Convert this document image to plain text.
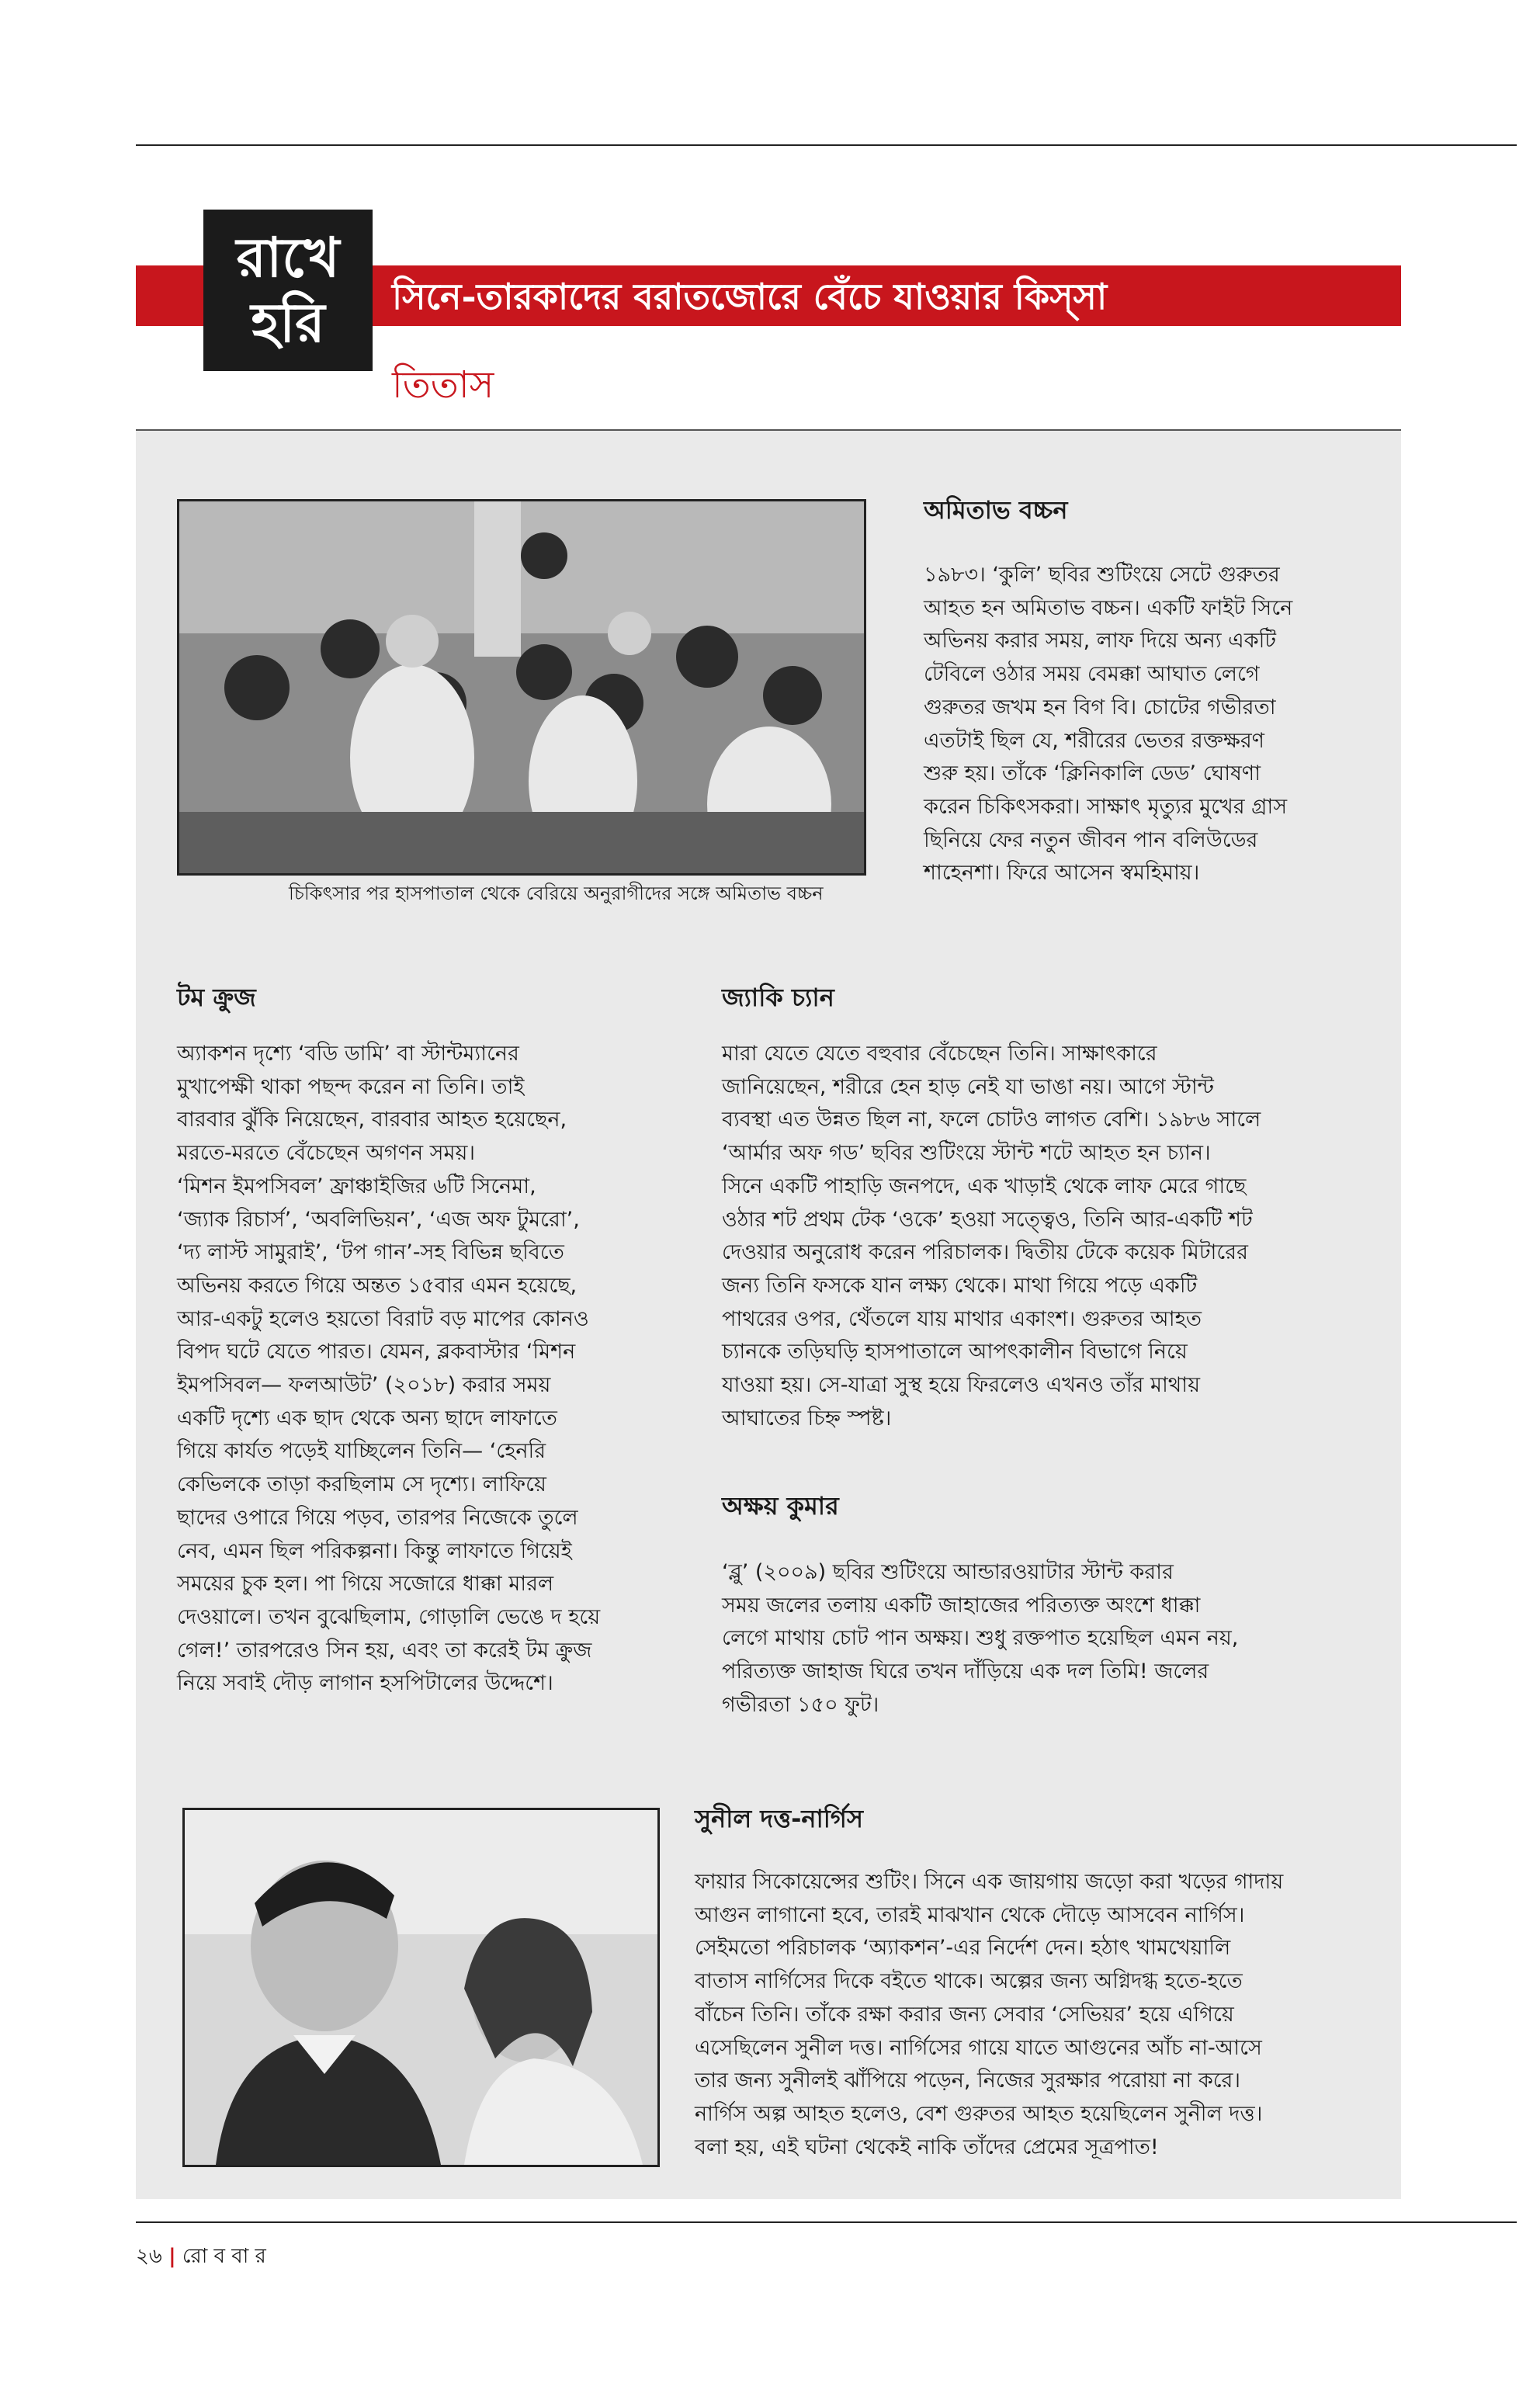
রাখে
হরি সিনে-তারকাদের বরাতজোরে বেঁচে যাওয়ার কিস্‌সা
তিতাস
চিকিৎসার পর হাসপাতাল থেকে বেরিয়ে অনুরাগীদের সঙ্গে অমিতাভ বচ্চন
অমিতাভ বচ্চন
১৯৮৩। ‘কুলি’ ছবির শুটিংয়ে সেটে গুরুতর
আহত হন অমিতাভ বচ্চন। একটি ফাইট সিনে
অভিনয় করার সময়, লাফ দিয়ে অন্য একটি
টেবিলে ওঠার সময় বেমক্কা আঘাত লেগে
গুরুতর জখম হন বিগ বি। চোটের গভীরতা
এতটাই ছিল যে, শরীরের ভেতর রক্তক্ষরণ
শুরু হয়। তাঁকে ‘ক্লিনিকালি ডেড’ ঘোষণা
করেন চিকিৎসকরা। সাক্ষাৎ মৃত্যুর মুখের গ্রাস
ছিনিয়ে ফের নতুন জীবন পান বলিউডের
শাহেনশা। ফিরে আসেন স্বমহিমায়।
টম ক্রুজ
অ্যাকশন দৃশ্যে ‘বডি ডামি’ বা স্টান্টম্যানের
মুখাপেক্ষী থাকা পছন্দ করেন না তিনি। তাই
বারবার ঝুঁকি নিয়েছেন, বারবার আহত হয়েছেন,
মরতে-মরতে বেঁচেছেন অগণন সময়।
‘মিশন ইমপসিবল’ ফ্রাঞ্চাইজির ৬টি সিনেমা,
‘জ্যাক রিচার্স’, ‘অবলিভিয়ন’, ‘এজ অফ টুমরো’,
‘দ্য লাস্ট সামুরাই’, ‘টপ গান’-সহ বিভিন্ন ছবিতে
অভিনয় করতে গিয়ে অন্তত ১৫বার এমন হয়েছে,
আর-একটু হলেও হয়তো বিরাট বড় মাপের কোনও
বিপদ ঘটে যেতে পারত। যেমন, ব্লকবাস্টার ‘মিশন
ইমপসিবল— ফলআউট’ (২০১৮) করার সময়
একটি দৃশ্যে এক ছাদ থেকে অন্য ছাদে লাফাতে
গিয়ে কার্যত পড়েই যাচ্ছিলেন তিনি— ‘হেনরি
কেভিলকে তাড়া করছিলাম সে দৃশ্যে। লাফিয়ে
ছাদের ওপারে গিয়ে পড়ব, তারপর নিজেকে তুলে
নেব, এমন ছিল পরিকল্পনা। কিন্তু লাফাতে গিয়েই
সময়ের চুক হল। পা গিয়ে সজোরে ধাক্কা মারল
দেওয়ালে। তখন বুঝেছিলাম, গোড়ালি ভেঙে দ হয়ে
গেল!’ তারপরেও সিন হয়, এবং তা করেই টম ক্রুজ
নিয়ে সবাই দৌড় লাগান হসপিটালের উদ্দেশে।
জ্যাকি চ্যান
মারা যেতে যেতে বহুবার বেঁচেছেন তিনি। সাক্ষাৎকারে
জানিয়েছেন, শরীরে হেন হাড় নেই যা ভাঙা নয়। আগে স্টান্ট
ব্যবস্থা এত উন্নত ছিল না, ফলে চোটও লাগত বেশি। ১৯৮৬ সালে
‘আর্মার অফ গড’ ছবির শুটিংয়ে স্টান্ট শটে আহত হন চ্যান।
সিনে একটি পাহাড়ি জনপদে, এক খাড়াই থেকে লাফ মেরে গাছে
ওঠার শট প্রথম টেক ‘ওকে’ হওয়া সত্ত্বেও, তিনি আর-একটি শট
দেওয়ার অনুরোধ করেন পরিচালক। দ্বিতীয় টেকে কয়েক মিটারের
জন্য তিনি ফসকে যান লক্ষ্য থেকে। মাথা গিয়ে পড়ে একটি
পাথরের ওপর, থেঁতলে যায় মাথার একাংশ। গুরুতর আহত
চ্যানকে তড়িঘড়ি হাসপাতালে আপৎকালীন বিভাগে নিয়ে
যাওয়া হয়। সে-যাত্রা সুস্থ হয়ে ফিরলেও এখনও তাঁর মাথায়
আঘাতের চিহ্ন স্পষ্ট।
অক্ষয় কুমার
‘ব্লু’ (২০০৯) ছবির শুটিংয়ে আন্ডারওয়াটার স্টান্ট করার
সময় জলের তলায় একটি জাহাজের পরিত্যক্ত অংশে ধাক্কা
লেগে মাথায় চোট পান অক্ষয়। শুধু রক্তপাত হয়েছিল এমন নয়,
পরিত্যক্ত জাহাজ ঘিরে তখন দাঁড়িয়ে এক দল তিমি! জলের
গভীরতা ১৫০ ফুট।
সুনীল দত্ত-নার্গিস
ফায়ার সিকোয়েন্সের শুটিং। সিনে এক জায়গায় জড়ো করা খড়ের গাদায়
আগুন লাগানো হবে, তারই মাঝখান থেকে দৌড়ে আসবেন নার্গিস।
সেইমতো পরিচালক ‘অ্যাকশন’-এর নির্দেশ দেন। হঠাৎ খামখেয়ালি
বাতাস নার্গিসের দিকে বইতে থাকে। অল্পের জন্য অগ্নিদগ্ধ হতে-হতে
বাঁচেন তিনি। তাঁকে রক্ষা করার জন্য সেবার ‘সেভিয়র’ হয়ে এগিয়ে
এসেছিলেন সুনীল দত্ত। নার্গিসের গায়ে যাতে আগুনের আঁচ না-আসে
তার জন্য সুনীলই ঝাঁপিয়ে পড়েন, নিজের সুরক্ষার পরোয়া না করে।
নার্গিস অল্প আহত হলেও, বেশ গুরুতর আহত হয়েছিলেন সুনীল দত্ত।
বলা হয়, এই ঘটনা থেকেই নাকি তাঁদের প্রেমের সূত্রপাত!
২৬ | রো ব বা র
